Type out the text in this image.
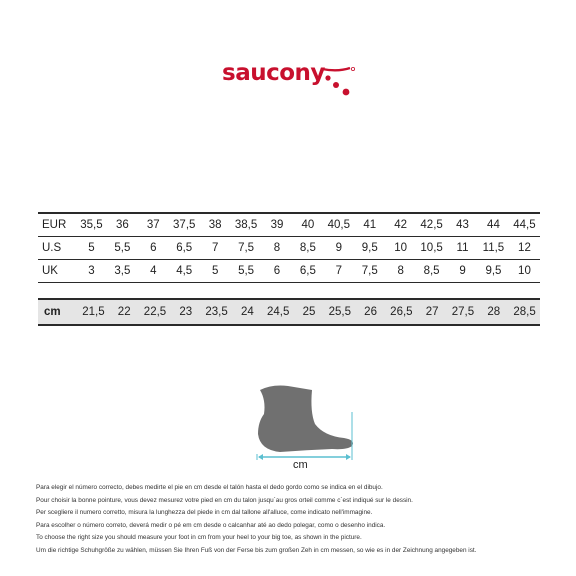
saucony
EUR	35,5	36	37	37,5	38	38,5	39	40	40,5	41	42	42,5	43	44	44,5
U.S	5	5,5	6	6,5	7	7,5	8	8,5	9	9,5	10	10,5	11	11,5	12
UK	3	3,5	4	4,5	5	5,5	6	6,5	7	7,5	8	8,5	9	9,5	10
cm	21,5	22	22,5	23	23,5	24	24,5	25	25,5	26	26,5	27	27,5	28	28,5
cm
Para elegir el número correcto, debes medirte el pie en cm desde el talón hasta el dedo gordo como se indica en el dibujo.
Pour choisir la bonne pointure, vous devez mesurez votre pied en cm du talon jusqu`au gros orteil comme c`est indiqué sur le dessin.
Per scegliere il numero corretto, misura la lunghezza del piede in cm dal tallone all'alluce, come indicato nell'immagine.
Para escolher o número correto, deverá medir o pé em cm desde o calcanhar até ao dedo polegar, como o desenho indica.
To choose the right size you should measure your foot in cm from your heel to your big toe, as shown in the picture.
Um die richtige Schuhgröße zu wählen, müssen Sie Ihren Fuß von der Ferse bis zum großen Zeh in cm messen, so wie es in der Zeichnung angegeben ist.
